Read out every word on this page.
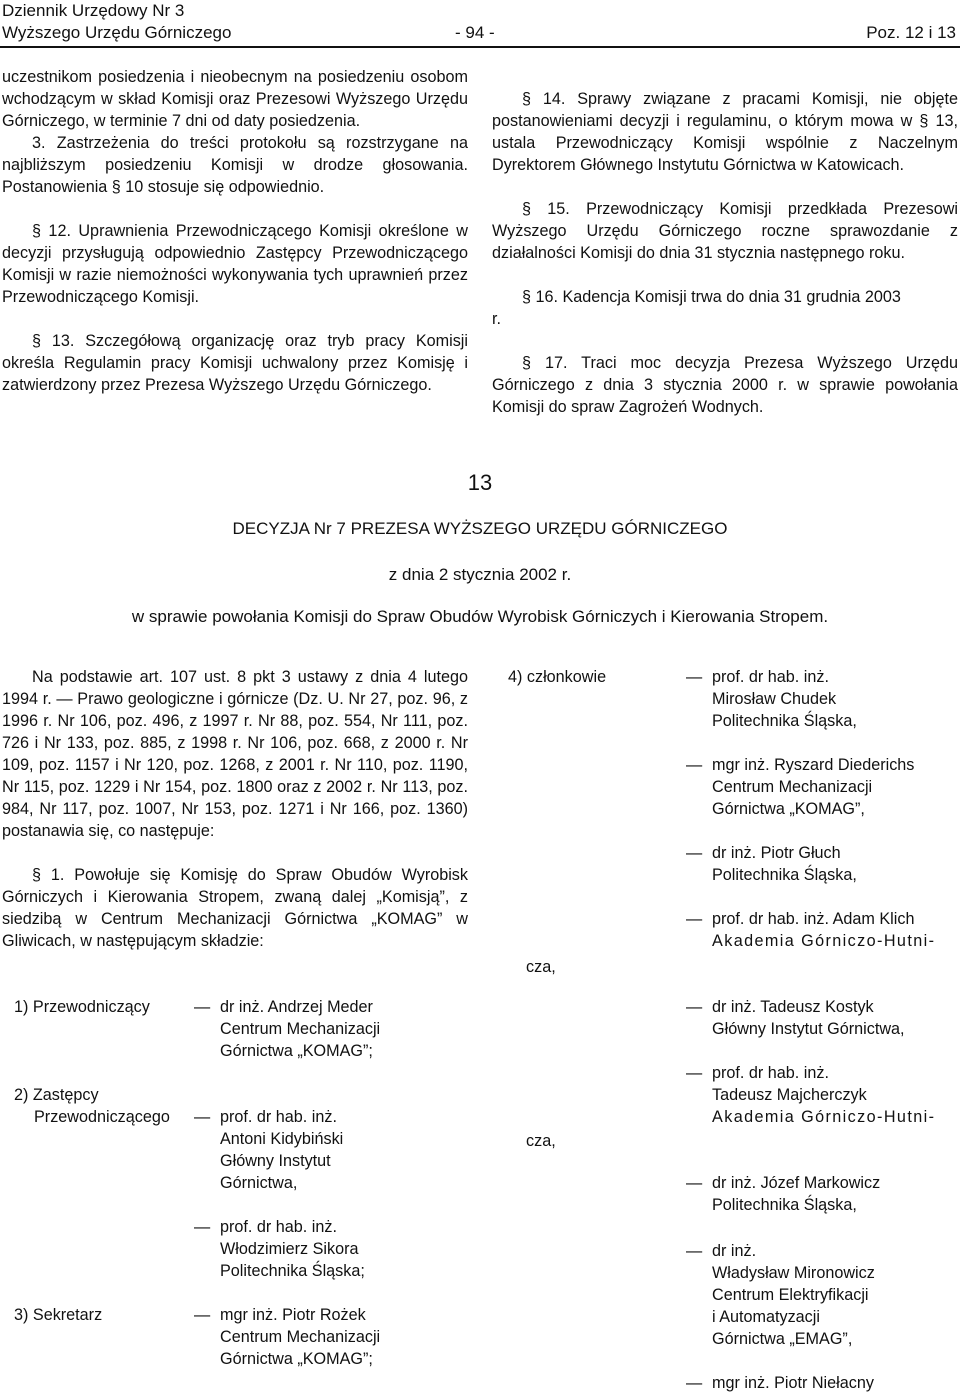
Dziennik Urzędowy Nr 3
Wyższego Urzędu Górniczego	- 94 -	Poz. 12 i 13

uczestnikom posiedzenia i nieobecnym na posiedzeniu osobom wchodzącym w skład Komisji oraz Prezesowi Wyższego Urzędu Górniczego, w terminie 7 dni od daty posiedzenia.

3. Zastrzeżenia do treści protokołu są rozstrzygane na najbliższym posiedzeniu Komisji w drodze głosowania. Postanowienia § 10 stosuje się odpowiednio.

§ 12. Uprawnienia Przewodniczącego Komisji określone w decyzji przysługują odpowiednio Zastępcy Przewodniczącego Komisji w razie niemożności wykonywania tych uprawnień przez Przewodniczącego Komisji.

§ 13. Szczegółową organizację oraz tryb pracy Komisji określa Regulamin pracy Komisji uchwalony przez Komisję i zatwierdzony przez Prezesa Wyższego Urzędu Górniczego.

§ 14. Sprawy związane z pracami Komisji, nie objęte postanowieniami decyzji i regulaminu, o którym mowa w § 13, ustala Przewodniczący Komisji wspólnie z Naczelnym Dyrektorem Głównego Instytutu Górnictwa w Katowicach.

§ 15. Przewodniczący Komisji przedkłada Prezesowi Wyższego Urzędu Górniczego roczne sprawozdanie z działalności Komisji do dnia 31 stycznia następnego roku.

§ 16. Kadencja Komisji trwa do dnia 31 grudnia 2003

r.

§ 17. Traci moc decyzja Prezesa Wyższego Urzędu Górniczego z dnia 3 stycznia 2000 r. w sprawie powołania Komisji do spraw Zagrożeń Wodnych.

13
DECYZJA Nr 7 PREZESA WYŻSZEGO URZĘDU GÓRNICZEGO
z dnia 2 stycznia 2002 r.
w sprawie powołania Komisji do Spraw Obudów Wyrobisk Górniczych i Kierowania Stropem.

Na podstawie art. 107 ust. 8 pkt 3 ustawy z dnia 4 lutego 1994 r. — Prawo geologiczne i górnicze (Dz. U. Nr 27, poz. 96, z 1996 r. Nr 106, poz. 496, z 1997 r. Nr 88, poz. 554, Nr 111, poz. 726 i Nr 133, poz. 885, z 1998 r. Nr 106, poz. 668, z 2000 r. Nr 109, poz. 1157 i Nr 120, poz. 1268, z 2001 r. Nr 110, poz. 1190, Nr 115, poz. 1229 i Nr 154, poz. 1800 oraz z 2002 r. Nr 113, poz. 984, Nr 117, poz. 1007, Nr 153, poz. 1271 i Nr 166, poz. 1360) postanawia się, co następuje:

§ 1. Powołuje się Komisję do Spraw Obudów Wyrobisk Górniczych i Kierowania Stropem, zwaną dalej „Komisją”, z siedzibą w Centrum Mechanizacji Górnictwa „KOMAG” w Gliwicach, w następującym składzie:

1) Przewodniczący	— dr inż. Andrzej Meder
Centrum Mechanizacji
Górnictwa „KOMAG”;
2) Zastępcy
Przewodniczącego — prof. dr hab. inż.
Antoni Kidybiński
Główny Instytut
Górnictwa,
— prof. dr hab. inż.
Włodzimierz Sikora
Politechnika Śląska;
3) Sekretarz	— mgr inż. Piotr Rożek
Centrum Mechanizacji
Górnictwa „KOMAG”;
4) członkowie	— prof. dr hab. inż.
Mirosław Chudek
Politechnika Śląska,
— mgr inż. Ryszard Diederichs
Centrum Mechanizacji
Górnictwa „KOMAG”,
— dr inż. Piotr Głuch
Politechnika Śląska,
— prof. dr hab. inż. Adam Klich
Akademia Górniczo-Hutni-
cza,
— dr inż. Tadeusz Kostyk
Główny Instytut Górnictwa,
— prof. dr hab. inż.
Tadeusz Majcherczyk
Akademia Górniczo-Hutni-
cza,
— dr inż. Józef Markowicz
Politechnika Śląska,
— dr inż.
Władysław Mironowicz
Centrum Elektryfikacji
i Automatyzacji
Górnictwa „EMAG”,
— mgr inż. Piotr Niełacny
